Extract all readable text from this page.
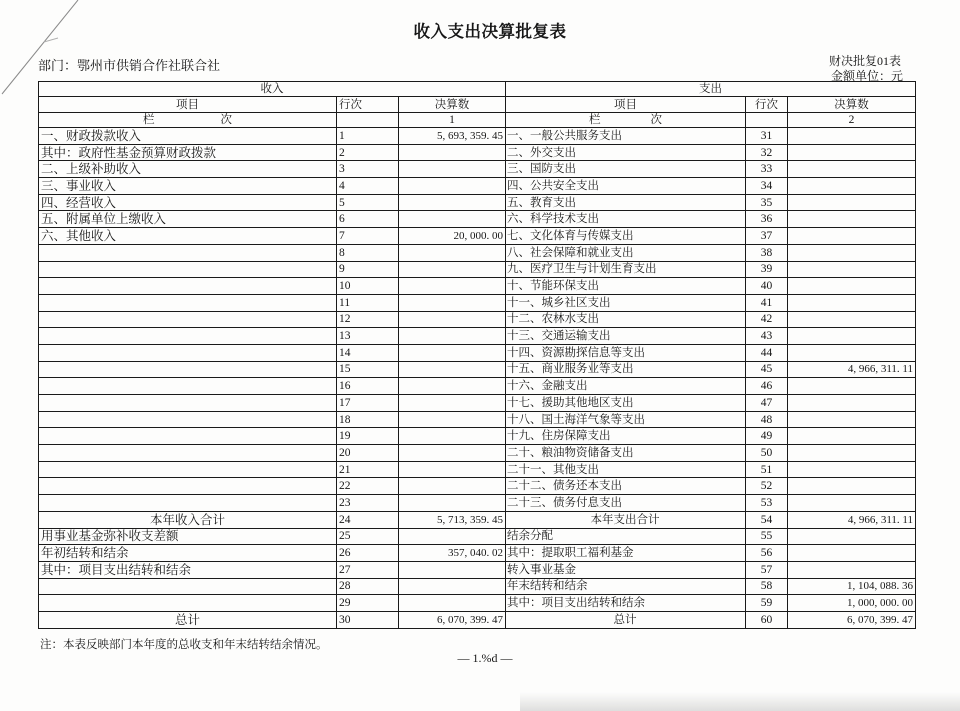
收入支出决算批复表
部门：鄂州市供销合作社联合社	财决批复01表
金额单位：元
收入			支出		
项目	行次	决算数	项目	行次	决算数
栏 次		1	栏 次		2
一、财政拨款收入	1	5, 693, 359. 45	一、一般公共服务支出	31	
其中：政府性基金预算财政拨款	2		二、外交支出	32	
二、上级补助收入	3		三、国防支出	33	
三、事业收入	4		四、公共安全支出	34	
四、经营收入	5		五、教育支出	35	
五、附属单位上缴收入	6		六、科学技术支出	36	
六、其他收入	7	20, 000. 00	七、文化体育与传媒支出	37	
	8		八、社会保障和就业支出	38	
	9		九、医疗卫生与计划生育支出	39	
	10		十、节能环保支出	40	
	11		十一、城乡社区支出	41	
	12		十二、农林水支出	42	
	13		十三、交通运输支出	43	
	14		十四、资源勘探信息等支出	44	
	15		十五、商业服务业等支出	45	4, 966, 311. 11
	16		十六、金融支出	46	
	17		十七、援助其他地区支出	47	
	18		十八、国土海洋气象等支出	48	
	19		十九、住房保障支出	49	
	20		二十、粮油物资储备支出	50	
	21		二十一、其他支出	51	
	22		二十二、债务还本支出	52	
	23		二十三、债务付息支出	53	
本年收入合计	24	5, 713, 359. 45	本年支出合计	54	4, 966, 311. 11
用事业基金弥补收支差额	25		结余分配	55	
年初结转和结余	26	357, 040. 02	其中：提取职工福利基金	56	
其中：项目支出结转和结余	27		转入事业基金	57	
	28		年末结转和结余	58	1, 104, 088. 36
	29		其中：项目支出结转和结余	59	1, 000, 000. 00
总计	30	6, 070, 399. 47	总计	60	6, 070, 399. 47
注：本表反映部门本年度的总收支和年末结转结余情况。
— 1.%d —
